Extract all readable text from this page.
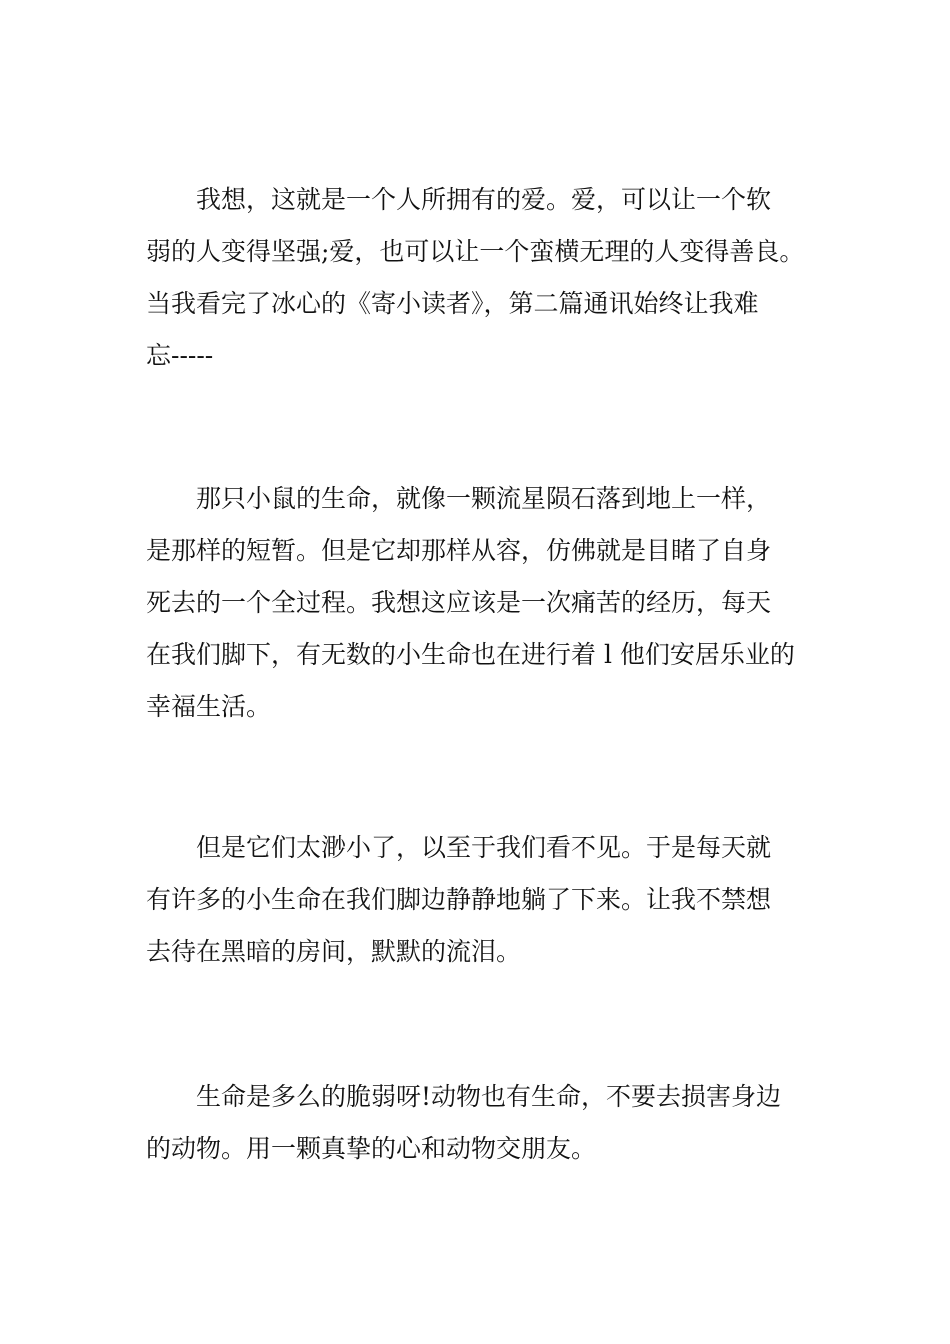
我想，这就是一个人所拥有的爱。爱，可以让一个软
弱的人变得坚强;爱，也可以让一个蛮横无理的人变得善良。
当我看完了冰心的《寄小读者》，第二篇通讯始终让我难
忘-----
那只小鼠的生命，就像一颗流星陨石落到地上一样，
是那样的短暂。但是它却那样从容，仿佛就是目睹了自身
死去的一个全过程。我想这应该是一次痛苦的经历，每天
在我们脚下，有无数的小生命也在进行着 l 他们安居乐业的
幸福生活。
但是它们太渺小了，以至于我们看不见。于是每天就
有许多的小生命在我们脚边静静地躺了下来。让我不禁想
去待在黑暗的房间，默默的流泪。
生命是多么的脆弱呀!动物也有生命，不要去损害身边
的动物。用一颗真挚的心和动物交朋友。
